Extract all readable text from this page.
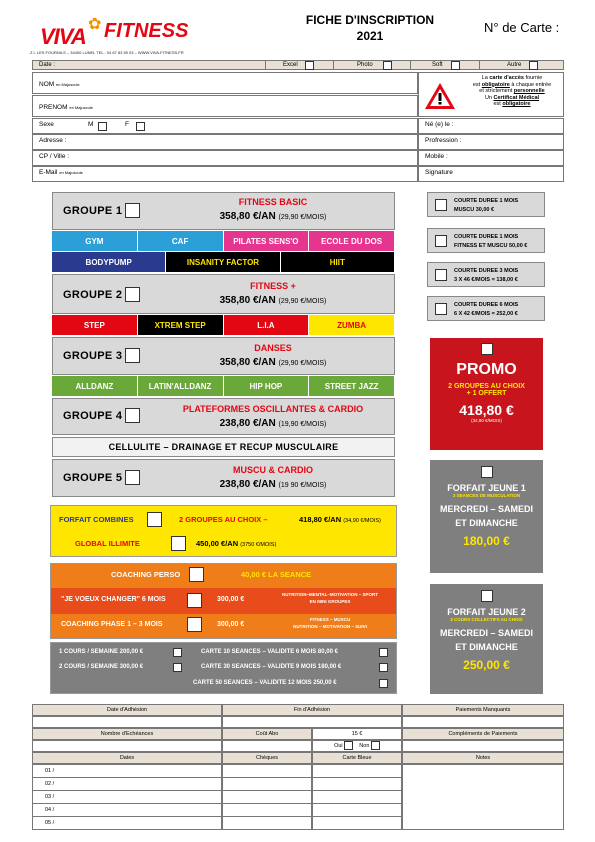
VIVA ✿ FITNESS
Z.I. LES FOURNILS – 34400 LUNEL TEL : 04 67 83 55 03 – WWW.VIVA-FITNESS.FR
FICHE D'INSCRIPTION
2021
N° de Carte :
Date :	Excel	Photo	Soft	Autre
NOM en Majuscule
PRENOM en Majuscule
La carte d'accès fournie
est obligatoire à chaque entrée
et strictement personnelle
Un Certificat Médical
est obligatoire
Sexe	M	F	Né (e) le :
Adresse :	Profression :
CP / Ville :	Mobile :
E-Mail en Majuscule	Signature
GROUPE 1
FITNESS BASIC
358,80 €/AN (29,90 €/MOIS)
GYM	CAF	PILATES SENS'O	ECOLE DU DOS
BODYPUMP	INSANITY FACTOR	HIIT
GROUPE 2
FITNESS +
358,80 €/AN (29,90 €/MOIS)
STEP	XTREM STEP	L.I.A	ZUMBA
GROUPE 3
DANSES
358,80 €/AN (29,90 €/MOIS)
ALLDANZ	LATIN'ALLDANZ	HIP HOP	STREET JAZZ
GROUPE 4
PLATEFORMES OSCILLANTES & CARDIO
238,80 €/AN (19,90 €/MOIS)
CELLULITE – DRAINAGE ET RECUP MUSCULAIRE
GROUPE 5
MUSCU & CARDIO
238,80 €/AN (19 90 €/MOIS)
FORFAIT COMBINES	2 GROUPES AU CHOIX –	418,80 €/AN (34,90 €/MOIS)
GLOBAL ILLIMITE	450,00 €/AN (3750 €/MOIS)
COACHING PERSO	40,00 € LA SEANCE
"JE VOEUX CHANGER" 6 MOIS	300,00 €
NUTRITION–MENTAL–MOTIVATION – SPORT
EN MINI GROUPES
COACHING PHASE 1 – 3 MOIS	300,00 €
FITNESS – MUSCU
NUTRITION – MOTIVATION – SUIVI
1 COURS / SEMAINE 200,00 €
2 COURS / SEMAINE 300,00 €
CARTE 10 SEANCES – VALIDITE 6 MOIS 80,00 €
CARTE 30 SEANCES – VALIDITE 9 MOIS 180,00 €
CARTE 50 SEANCES – VALIDITE 12 MOIS 250,00 €
COURTE DUREE 1 MOIS
MUSCU 30,00 €
COURTE DUREE 1 MOIS
FITNESS ET MUSCU 50,00 €
COURTE DUREE 3 MOIS
3 X 46 €/MOIS = 138,00 €
COURTE DUREE 6 MOIS
6 X 42 €/MOIS = 252,00 €
PROMO
2 GROUPES AU CHOIX
+ 1 OFFERT
418,80 €
(34,90 €/MOIS)
FORFAIT JEUNE 1
3 SEANCES DE MUSCULATION
MERCREDI – SAMEDI
ET DIMANCHE
180,00 €
FORFAIT JEUNE 2
3 COURS COLLECTIFS AU CHOIX
MERCREDI – SAMEDI
ET DIMANCHE
250,00 €
Date d'Adhésion	Fin d'Adhésion	Paiements Manquants
Nombre d'Echéances	Coût Abo	15 €	Compléments de Paiements
Oui	Non
Dates	Chèques	Carte Bleue	Notes
01 /
02 /
03 /
04 /
05 /
